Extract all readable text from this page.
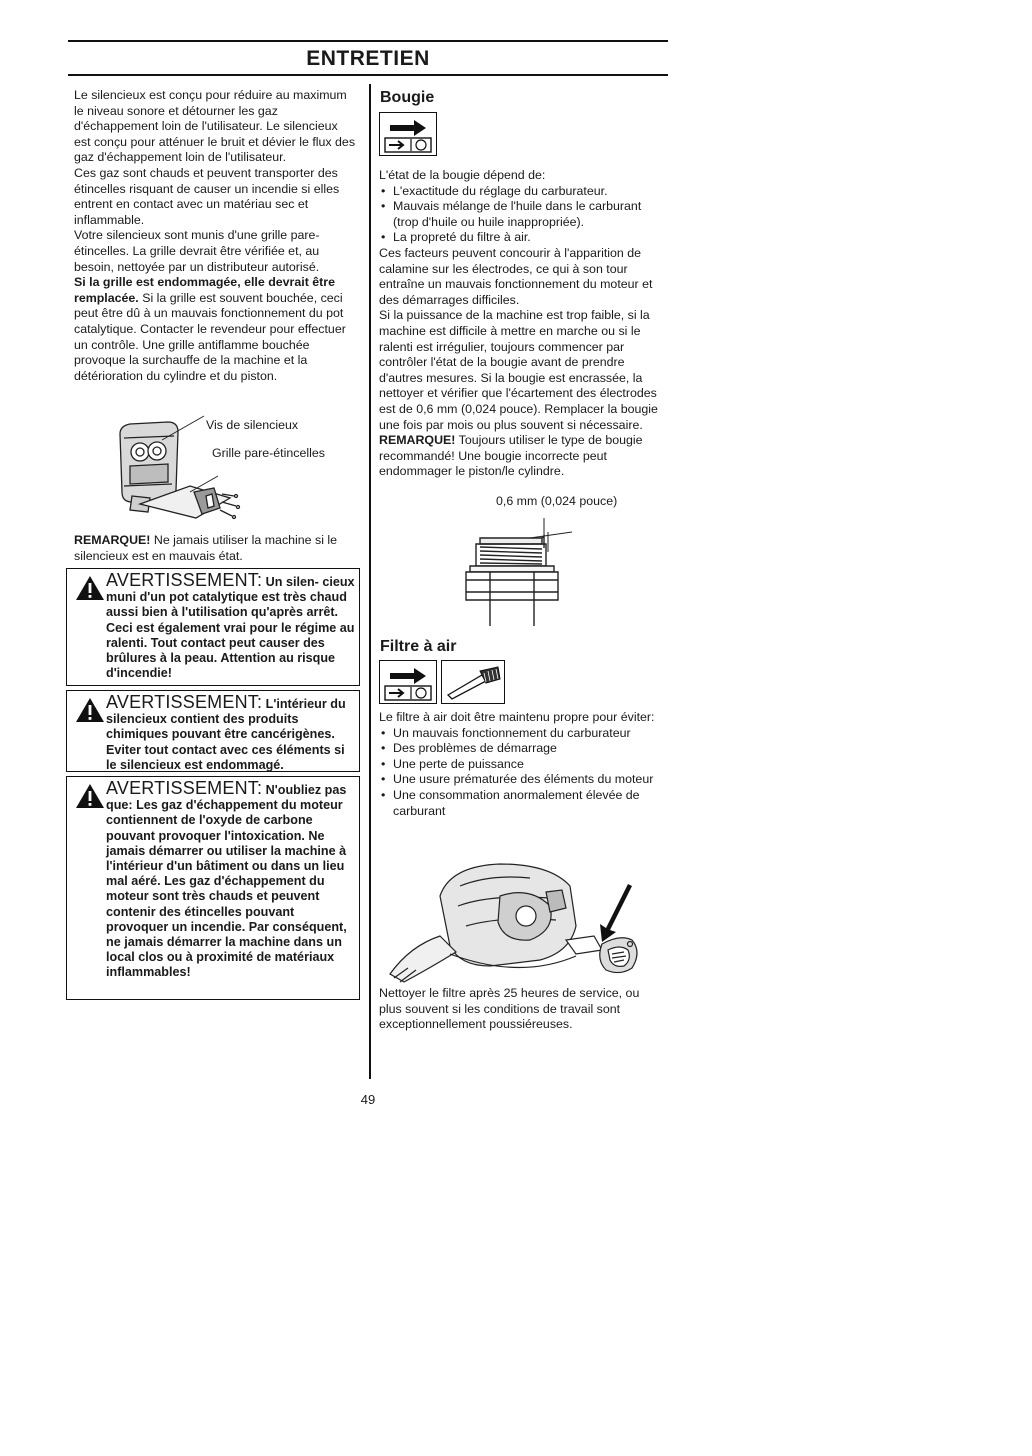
ENTRETIEN

Le silencieux est conçu pour réduire au maximum le niveau sonore et détourner les gaz d'échappement loin de l'utilisateur. Le silencieux est conçu pour atténuer le bruit et dévier le flux des gaz d'échappement loin de l'utilisateur.

Ces gaz sont chauds et peuvent transporter des étincelles risquant de causer un incendie si elles entrent en contact avec un matériau sec et inflammable.

Votre silencieux sont munis d'une grille pare-étincelles. La grille devrait être vérifiée et, au besoin, nettoyée par un distributeur autorisé.

Si la grille est endommagée, elle devrait être remplacée. Si la grille est souvent bouchée, ceci peut être dû à un mauvais fonctionnement du pot catalytique. Contacter le revendeur pour effectuer un contrôle. Une grille antiflamme bouchée provoque la surchauffe de la machine et la détérioration du cylindre et du piston.

Vis de silencieux
Grille pare-étincelles

REMARQUE! Ne jamais utiliser la machine si le silencieux est en mauvais état.

AVERTISSEMENT: Un silen- cieux muni d'un pot catalytique est très chaud aussi bien à l'utilisation qu'après arrêt. Ceci est également vrai pour le régime au ralenti. Tout contact peut causer des brûlures à la peau. Attention au risque d'incendie!
AVERTISSEMENT: L'intérieur du silencieux contient des produits chimiques pouvant être cancérigènes. Eviter tout contact avec ces éléments si le silencieux est endommagé.
AVERTISSEMENT: N'oubliez pas que: Les gaz d'échappement du moteur contiennent de l'oxyde de carbone pouvant provoquer l'intoxication. Ne jamais démarrer ou utiliser la machine à l'intérieur d'un bâtiment ou dans un lieu mal aéré. Les gaz d'échappement du moteur sont très chauds et peuvent contenir des étincelles pouvant provoquer un incendie. Par conséquent, ne jamais démarrer la machine dans un local clos ou à proximité de matériaux inflammables!
Bougie

L'état de la bougie dépend de:

• L'exactitude du réglage du carburateur.
• Mauvais mélange de l'huile dans le carburant (trop d'huile ou huile inappropriée).
• La propreté du filtre à air.

Ces facteurs peuvent concourir à l'apparition de calamine sur les électrodes, ce qui à son tour entraîne un mauvais fonctionnement du moteur et des démarrages difficiles.

Si la puissance de la machine est trop faible, si la machine est difficile à mettre en marche ou si le ralenti est irrégulier, toujours commencer par contrôler l'état de la bougie avant de prendre d'autres mesures. Si la bougie est encrassée, la nettoyer et vérifier que l'écartement des électrodes est de 0,6 mm (0,024 pouce). Remplacer la bougie une fois par mois ou plus souvent si nécessaire.

REMARQUE! Toujours utiliser le type de bougie recommandé! Une bougie incorrecte peut endommager le piston/le cylindre.

0,6 mm (0,024 pouce)
Filtre à air

Le filtre à air doit être maintenu propre pour éviter:

• Un mauvais fonctionnement du carburateur
• Des problèmes de démarrage
• Une perte de puissance
• Une usure prématurée des éléments du moteur
• Une consommation anormalement élevée de carburant

Nettoyer le filtre après 25 heures de service, ou plus souvent si les conditions de travail sont exceptionnellement poussiéreuses.

49
